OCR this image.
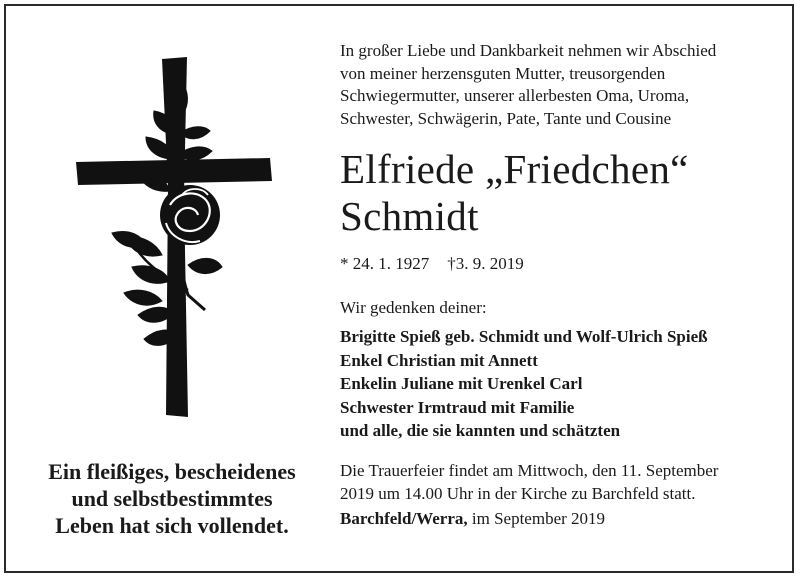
Ein fleißiges, bescheidenes
und selbstbestimmtes
Leben hat sich vollendet.
In großer Liebe und Dankbarkeit nehmen wir Abschied
von meiner herzensguten Mutter, treusorgenden
Schwiegermutter, unserer allerbesten Oma, Uroma,
Schwester, Schwägerin, Pate, Tante und Cousine
Elfriede „Friedchen“
Schmidt
* 24. 1. 1927 †3. 9. 2019
Wir gedenken deiner:
Brigitte Spieß geb. Schmidt und Wolf-Ulrich Spieß
Enkel Christian mit Annett
Enkelin Juliane mit Urenkel Carl
Schwester Irmtraud mit Familie
und alle, die sie kannten und schätzten
Die Trauerfeier findet am Mittwoch, den 11. September
2019 um 14.00 Uhr in der Kirche zu Barchfeld statt.
Barchfeld/Werra, im September 2019
